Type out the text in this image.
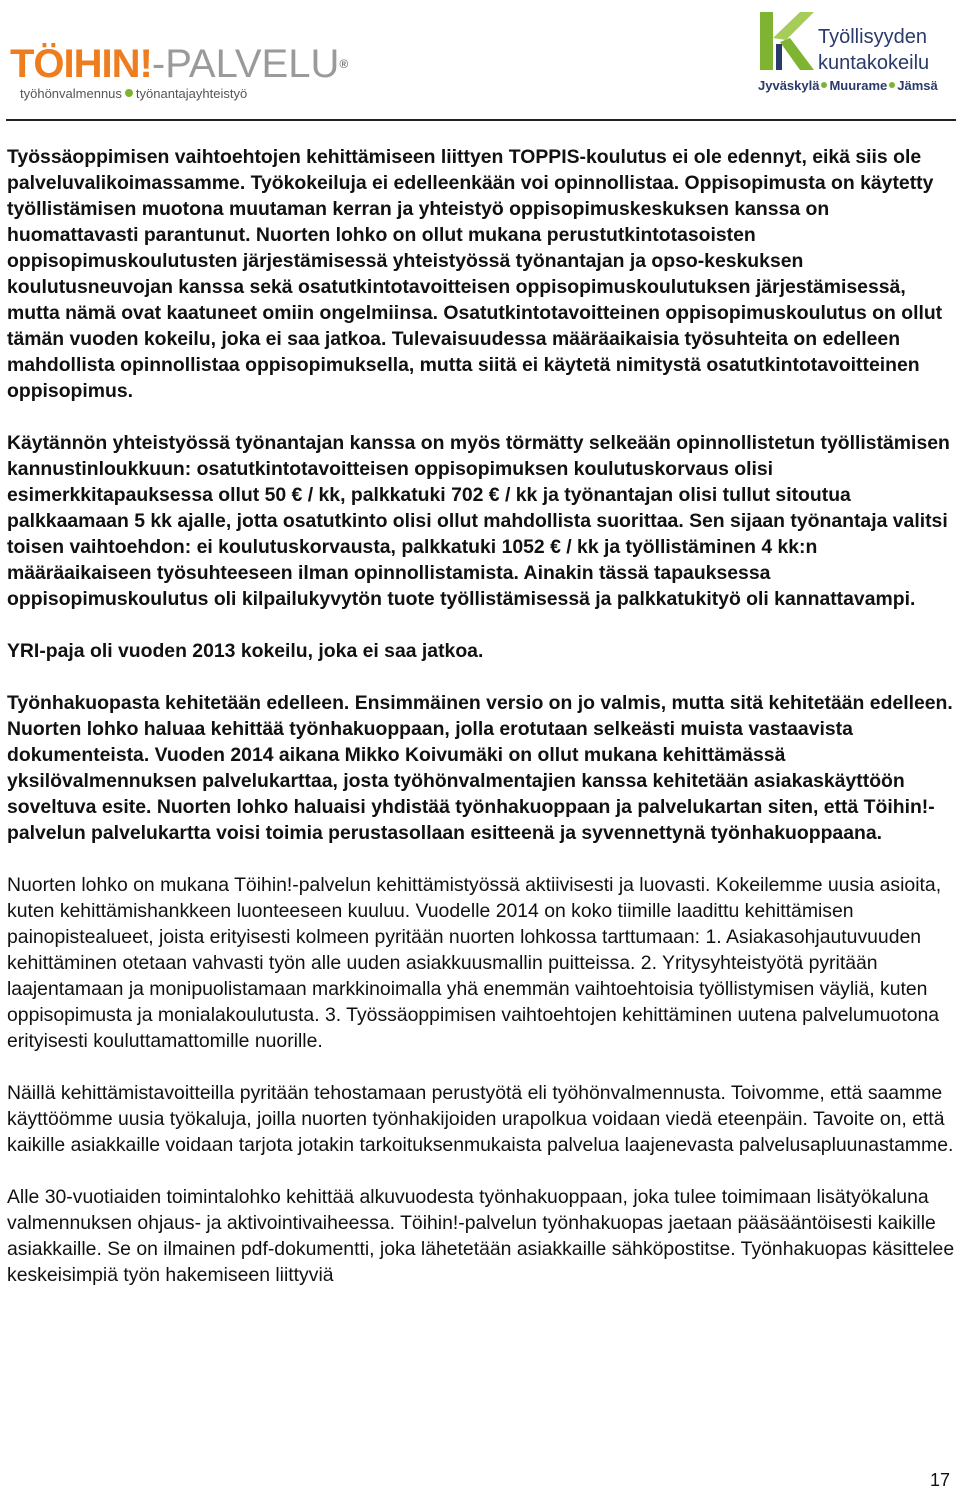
TÖIHIN!-PALVELU®
työhönvalmennus työnantajayhteistyö
Työllisyyden
kuntakokeilu
Jyväskylä Muurame Jämsä

Työssäoppimisen vaihtoehtojen kehittämiseen liittyen TOPPIS-koulutus ei ole edennyt, eikä siis ole palveluvalikoimassamme. Työkokeiluja ei edelleenkään voi opinnollistaa. Oppisopimusta on käytetty työllistämisen muotona muutaman kerran ja yhteistyö oppisopimuskeskuksen kanssa on huomattavasti parantunut. Nuorten lohko on ollut mukana perustutkintotasoisten oppisopimuskoulutusten järjestämisessä yhteistyössä työnantajan ja opso-keskuksen koulutusneuvojan kanssa sekä osatutkintotavoitteisen oppisopimuskoulutuksen järjestämisessä, mutta nämä ovat kaatuneet omiin ongelmiinsa. Osatutkintotavoitteinen oppisopimuskoulutus on ollut tämän vuoden kokeilu, joka ei saa jatkoa. Tulevaisuudessa määräaikaisia työsuhteita on edelleen mahdollista opinnollistaa oppisopimuksella, mutta siitä ei käytetä nimitystä osatutkintotavoitteinen oppisopimus.

Käytännön yhteistyössä työnantajan kanssa on myös törmätty selkeään opinnollistetun työllistämisen kannustinloukkuun: osatutkintotavoitteisen oppisopimuksen koulutuskorvaus olisi esimerkkitapauksessa ollut 50 € / kk, palkkatuki 702 € / kk ja työnantajan olisi tullut sitoutua palkkaamaan 5 kk ajalle, jotta osatutkinto olisi ollut mahdollista suorittaa. Sen sijaan työnantaja valitsi toisen vaihtoehdon: ei koulutuskorvausta, palkkatuki 1052 € / kk ja työllistäminen 4 kk:n määräaikaiseen työsuhteeseen ilman opinnollistamista. Ainakin tässä tapauksessa oppisopimuskoulutus oli kilpailukyvytön tuote työllistämisessä ja palkkatukityö oli kannattavampi.

YRI-paja oli vuoden 2013 kokeilu, joka ei saa jatkoa.

Työnhakuopasta kehitetään edelleen. Ensimmäinen versio on jo valmis, mutta sitä kehitetään edelleen. Nuorten lohko haluaa kehittää työnhakuoppaan, jolla erotutaan selkeästi muista vastaavista dokumenteista. Vuoden 2014 aikana Mikko Koivumäki on ollut mukana kehittämässä yksilövalmennuksen palvelukarttaa, josta työhönvalmentajien kanssa kehitetään asiakaskäyttöön soveltuva esite. Nuorten lohko haluaisi yhdistää työnhakuoppaan ja palvelukartan siten, että Töihin!-palvelun palvelukartta voisi toimia perustasollaan esitteenä ja syvennettynä työnhakuoppaana.

Nuorten lohko on mukana Töihin!-palvelun kehittämistyössä aktiivisesti ja luovasti. Kokeilemme uusia asioita, kuten kehittämishankkeen luonteeseen kuuluu. Vuodelle 2014 on koko tiimille laadittu kehittämisen painopistealueet, joista erityisesti kolmeen pyritään nuorten lohkossa tarttumaan: 1. Asiakasohjautuvuuden kehittäminen otetaan vahvasti työn alle uuden asiakkuusmallin puitteissa. 2. Yritysyhteistyötä pyritään laajentamaan ja monipuolistamaan markkinoimalla yhä enemmän vaihtoehtoisia työllistymisen väyliä, kuten oppisopimusta ja monialakoulutusta. 3. Työssäoppimisen vaihtoehtojen kehittäminen uutena palvelumuotona erityisesti kouluttamattomille nuorille.

Näillä kehittämistavoitteilla pyritään tehostamaan perustyötä eli työhönvalmennusta. Toivomme, että saamme käyttöömme uusia työkaluja, joilla nuorten työnhakijoiden urapolkua voidaan viedä eteenpäin. Tavoite on, että kaikille asiakkaille voidaan tarjota jotakin tarkoituksenmukaista palvelua laajenevasta palvelusapluunastamme.

Alle 30-vuotiaiden toimintalohko kehittää alkuvuodesta työnhakuoppaan, joka tulee toimimaan lisätyökaluna valmennuksen ohjaus- ja aktivointivaiheessa. Töihin!-palvelun työnhakuopas jaetaan pääsääntöisesti kaikille asiakkaille. Se on ilmainen pdf-dokumentti, joka lähetetään asiakkaille sähköpostitse. Työnhakuopas käsittelee keskeisimpiä työn hakemiseen liittyviä

17
